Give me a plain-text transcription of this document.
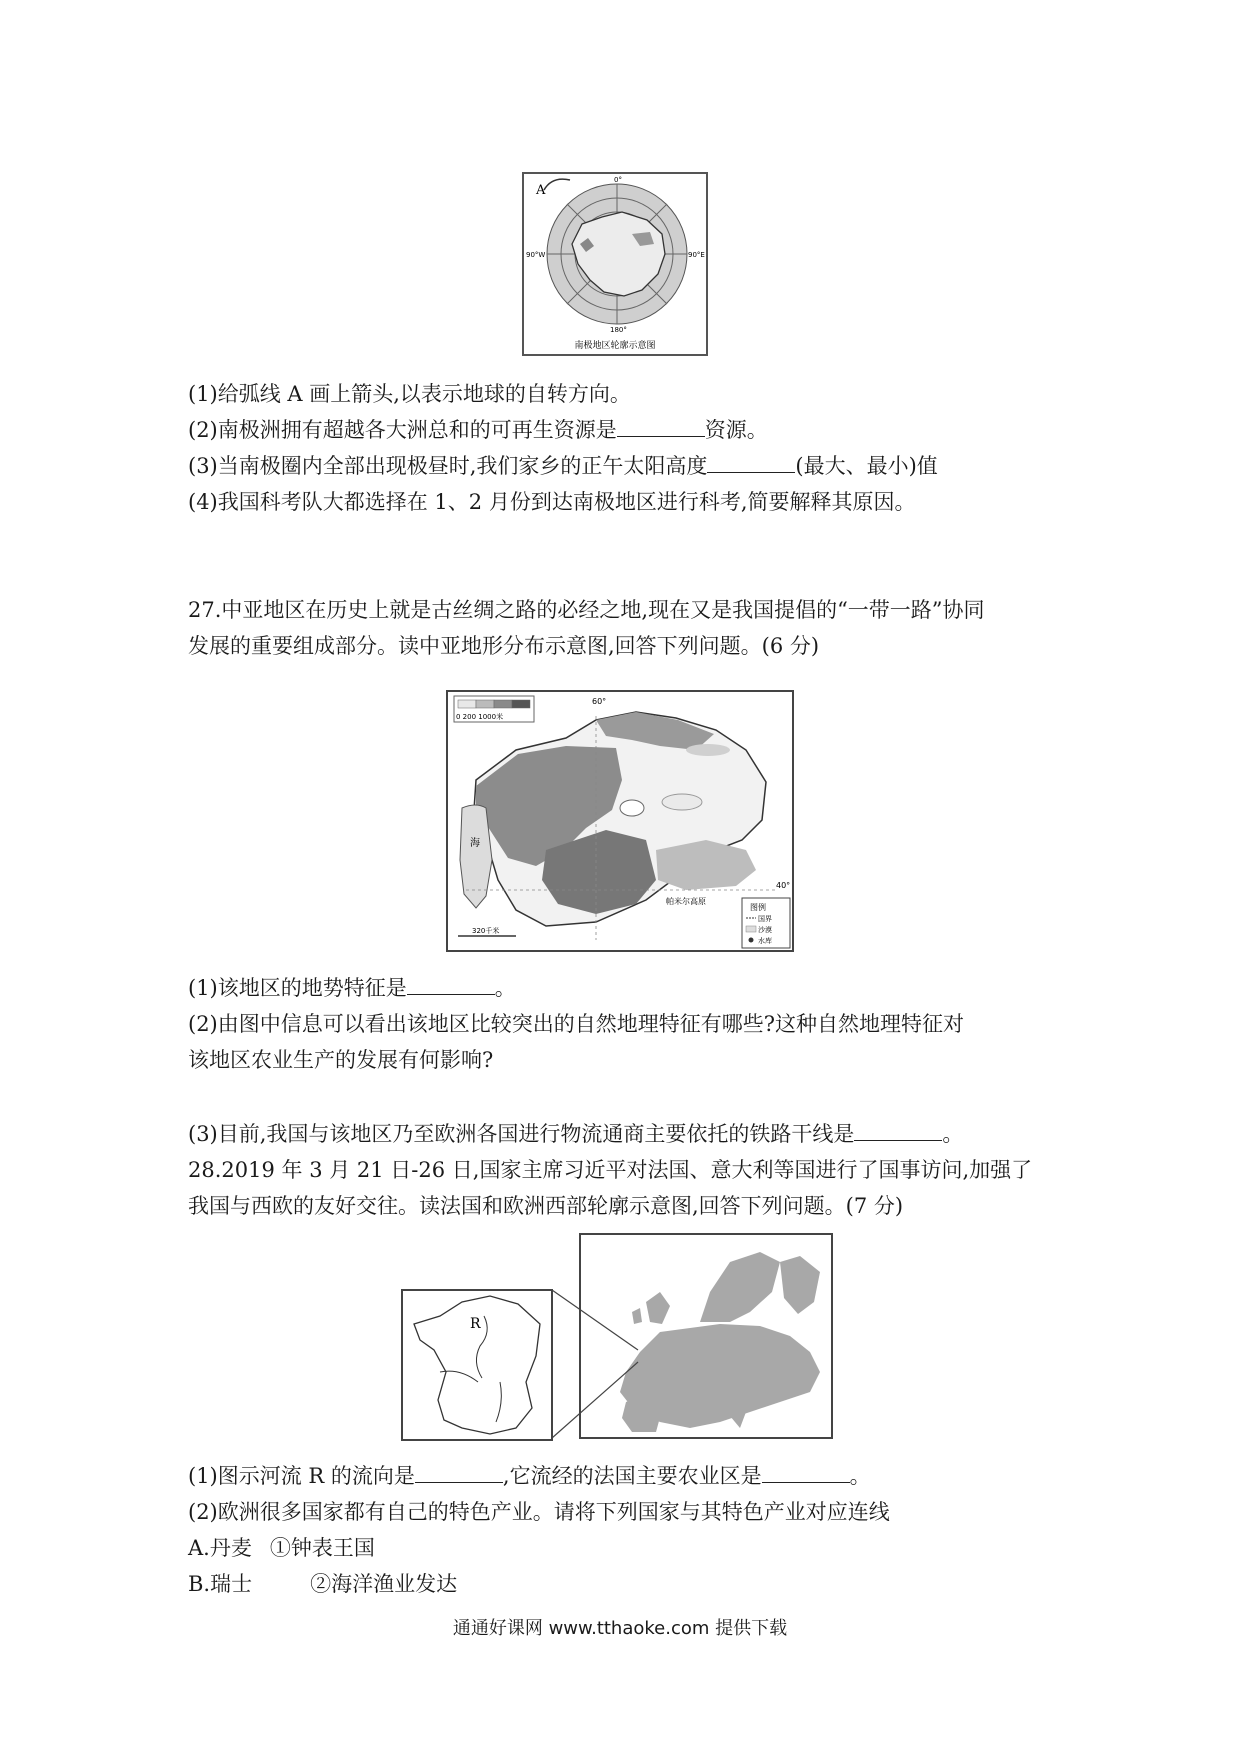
A
0°
90°W	90°E
180°
南极地区轮廓示意图
(1)给弧线 A 画上箭头,以表示地球的自转方向。
(2)南极洲拥有超越各大洲总和的可再生资源是	资源。
(3)当南极圈内全部出现极昼时,我们家乡的正午太阳高度	(最大、最小)值
(4)我国科考队大都选择在 1、2 月份到达南极地区进行科考,简要解释其原因。
27.中亚地区在历史上就是古丝绸之路的必经之地,现在又是我国提倡的“一带一路”协同
发展的重要组成部分。读中亚地形分布示意图,回答下列问题。(6 分)
0 200 1000米
60°
40°
海
帕米尔高原
320千米
图例
国界
沙漠
水库
(1)该地区的地势特征是	。
(2)由图中信息可以看出该地区比较突出的自然地理特征有哪些?这种自然地理特征对
该地区农业生产的发展有何影响?
(3)目前,我国与该地区乃至欧洲各国进行物流通商主要依托的铁路干线是	。
28.2019 年 3 月 21 日-26 日,国家主席习近平对法国、意大利等国进行了国事访问,加强了
我国与西欧的友好交往。读法国和欧洲西部轮廓示意图,回答下列问题。(7 分)
R
(1)图示河流 R 的流向是	,它流经的法国主要农业区是	。
(2)欧洲很多国家都有自己的特色产业。请将下列国家与其特色产业对应连线
A.丹麦 ①钟表王国
B.瑞士	②海洋渔业发达
通通好课网 www.tthaoke.com 提供下载
